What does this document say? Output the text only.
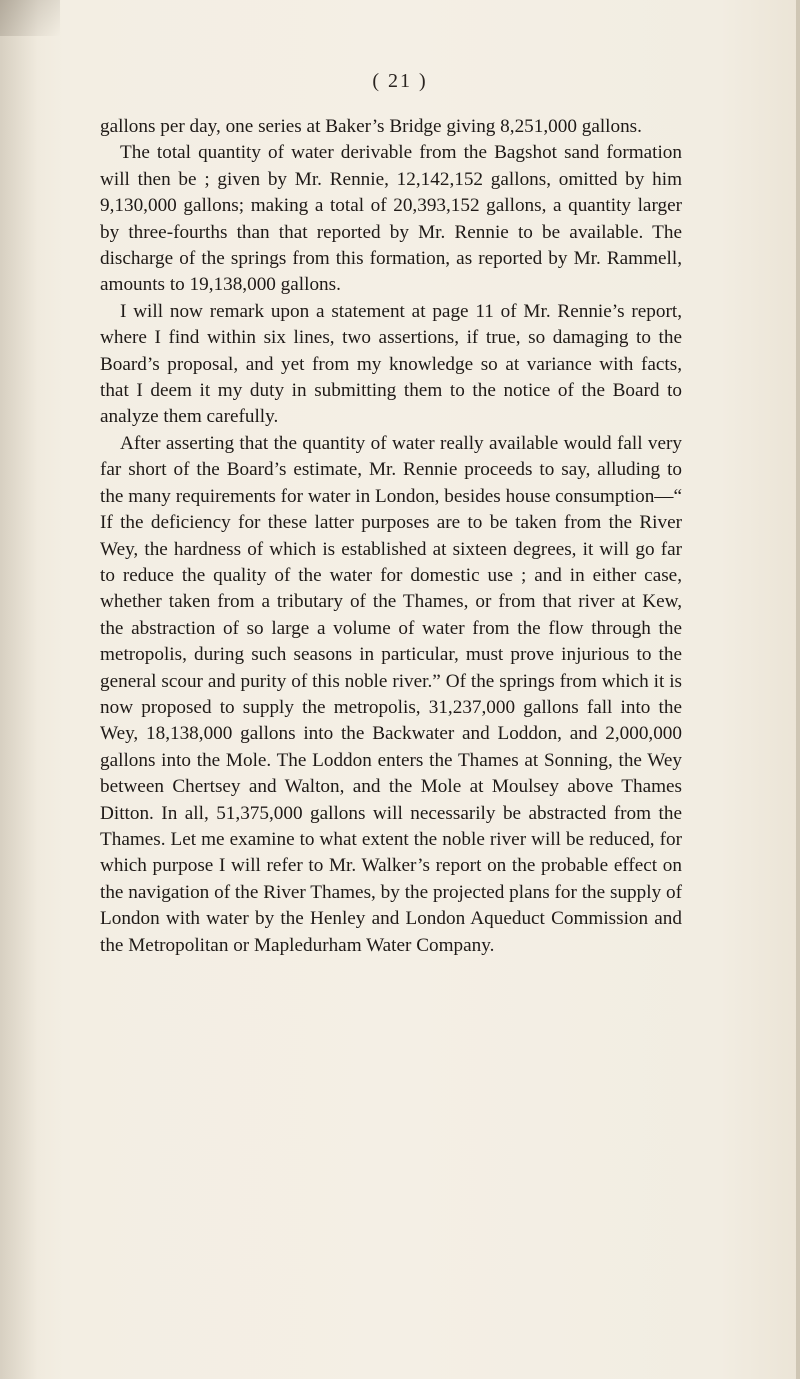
( 21 )

gallons per day, one series at Baker’s Bridge giving 8,251,000 gallons.

The total quantity of water derivable from the Bagshot sand formation will then be ; given by Mr. Rennie, 12,142,152 gallons, omitted by him 9,130,000 gallons; making a total of 20,393,152 gallons, a quantity larger by three-fourths than that reported by Mr. Rennie to be available. The discharge of the springs from this formation, as reported by Mr. Rammell, amounts to 19,138,000 gallons.

I will now remark upon a statement at page 11 of Mr. Rennie’s report, where I find within six lines, two assertions, if true, so damaging to the Board’s proposal, and yet from my knowledge so at variance with facts, that I deem it my duty in submitting them to the notice of the Board to analyze them carefully.

After asserting that the quantity of water really available would fall very far short of the Board’s estimate, Mr. Rennie proceeds to say, alluding to the many requirements for water in London, besides house consumption—“ If the deficiency for these latter purposes are to be taken from the River Wey, the hardness of which is established at sixteen degrees, it will go far to reduce the quality of the water for domestic use ; and in either case, whether taken from a tributary of the Thames, or from that river at Kew, the abstraction of so large a volume of water from the flow through the metropolis, during such seasons in particular, must prove injurious to the general scour and purity of this noble river.” Of the springs from which it is now proposed to supply the metropolis, 31,237,000 gallons fall into the Wey, 18,138,000 gallons into the Backwater and Loddon, and 2,000,000 gallons into the Mole. The Loddon enters the Thames at Sonning, the Wey between Chertsey and Walton, and the Mole at Moulsey above Thames Ditton. In all, 51,375,000 gallons will necessarily be abstracted from the Thames. Let me examine to what extent the noble river will be reduced, for which purpose I will refer to Mr. Walker’s report on the probable effect on the navigation of the River Thames, by the projected plans for the supply of London with water by the Henley and London Aqueduct Commission and the Metropolitan or Mapledurham Water Company.
